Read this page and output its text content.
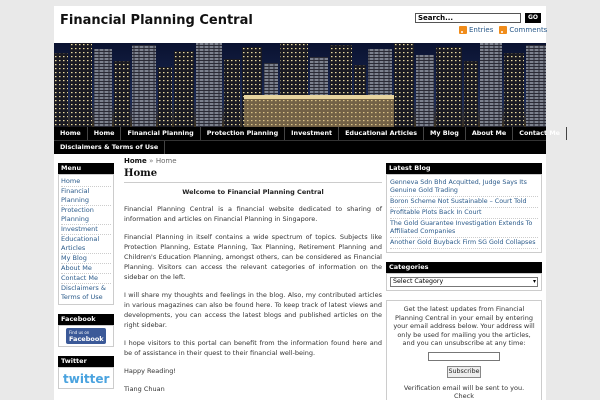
Financial Planning Central	Search...	GO
Entries Comments
Home	Home	Financial Planning	Protection Planning	Investment	Educational Articles	My Blog	About Me	Contact Me
Disclaimers & Terms of Use
Menu
Home
Financial Planning
Protection Planning
Investment
Educational Articles
My Blog
About Me
Contact Me
Disclaimers & Terms of Use
Facebook
Find us on
Facebook
Twitter
twitter
Home » Home
Home
Welcome to Financial Planning Central
Financial Planning Central is a financial website dedicated to sharing of information and articles on Financial Planning in Singapore.
Financial Planning in itself contains a wide spectrum of topics. Subjects like Protection Planning, Estate Planning, Tax Planning, Retirement Planning and Children's Education Planning, amongst others, can be considered as Financial Planning. Visitors can access the relevant categories of information on the sidebar on the left.
I will share my thoughts and feelings in the blog. Also, my contributed articles in various magazines can also be found here. To keep track of latest views and developments, you can access the latest blogs and published articles on the right sidebar.
I hope visitors to this portal can benefit from the information found here and be of assistance in their quest to their financial well-being.
Happy Reading!
Tiang Chuan
Latest Blog
Genneva Sdn Bhd Acquitted, Judge Says Its Genuine Gold Trading
Boron Scheme Not Sustainable – Court Told
Profitable Plots Back In Court
The Gold Guarantee Investigation Extends To Affiliated Companies
Another Gold Buyback Firm SG Gold Collapses
Categories
Select Category ▾
Get the latest updates from Financial Planning Central in your email by entering your email address below. Your address will only be used for mailing you the articles, and you can unsubscribe at any time:
Subscribe
Verification email will be sent to you. Check
